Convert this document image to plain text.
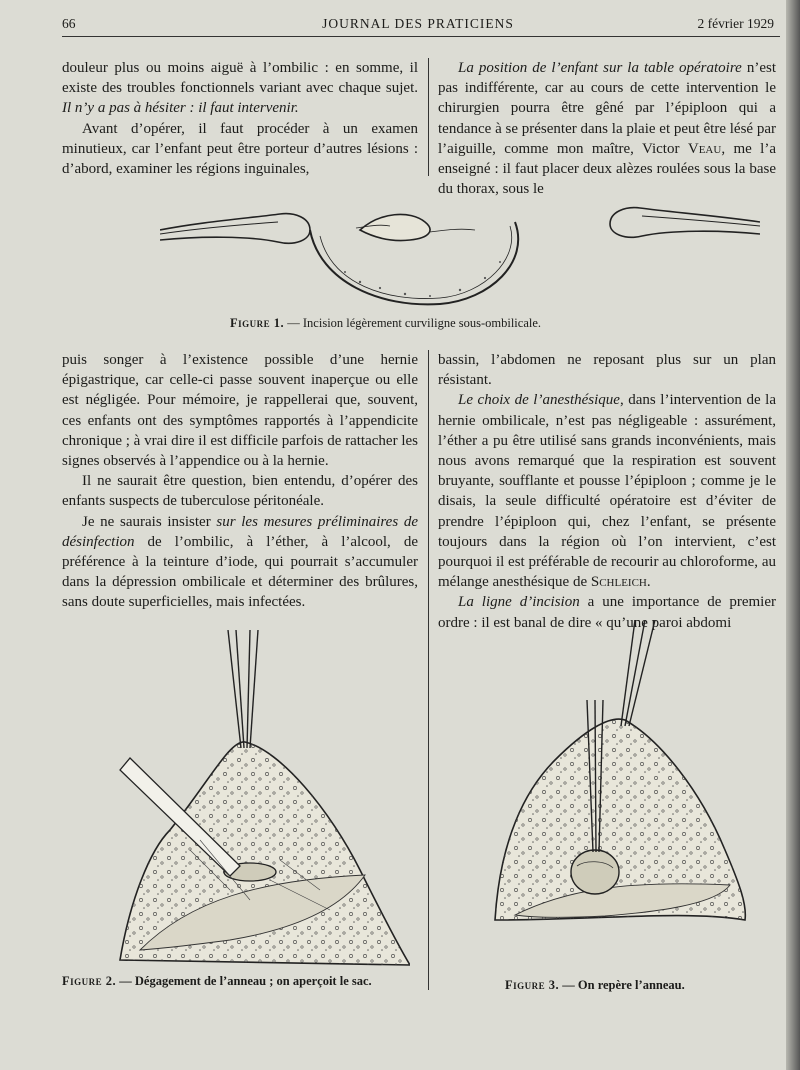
66	JOURNAL DES PRATICIENS	2 février 1929

douleur plus ou moins aiguë à l’ombilic : en somme, il existe des troubles fonctionnels variant avec chaque sujet. Il n’y a pas à hésiter : il faut intervenir.

Avant d’opérer, il faut procéder à un examen minutieux, car l’enfant peut être porteur d’autres lésions : d’abord, examiner les régions inguinales,

La position de l’enfant sur la table opératoire n’est pas indifférente, car au cours de cette intervention le chirurgien pourra être gêné par l’épiploon qui a tendance à se présenter dans la plaie et peut être lésé par l’aiguille, comme mon maître, Victor Veau, me l’a enseigné : il faut placer deux alèzes roulées sous la base du thorax, sous le

Figure 1. — Incision légèrement curviligne sous-ombilicale.

puis songer à l’existence possible d’une hernie épigastrique, car celle-ci passe souvent inaperçue ou elle est négligée. Pour mémoire, je rappellerai que, souvent, ces enfants ont des symptômes rapportés à l’appendicite chronique ; à vrai dire il est difficile parfois de rattacher les signes observés à l’appendice ou à la hernie.

Il ne saurait être question, bien entendu, d’opérer des enfants suspects de tuberculose péritonéale.

Je ne saurais insister sur les mesures préliminaires de désinfection de l’ombilic, à l’éther, à l’alcool, de préférence à la teinture d’iode, qui pourrait s’accumuler dans la dépression ombilicale et déterminer des brûlures, sans doute superficielles, mais infectées.

bassin, l’abdomen ne reposant plus sur un plan résistant.

Le choix de l’anesthésique, dans l’intervention de la hernie ombilicale, n’est pas négligeable : assurément, l’éther a pu être utilisé sans grands inconvénients, mais nous avons remarqué que la respiration est souvent bruyante, soufflante et pousse l’épiploon ; comme je le disais, la seule difficulté opératoire est d’éviter de prendre l’épiploon qui, chez l’enfant, se présente toujours dans la région où l’on intervient, c’est pourquoi il est préférable de recourir au chloroforme, au mélange anesthésique de Schleich.

La ligne d’incision a une importance de premier ordre : il est banal de dire « qu’une paroi abdomi

Figure 2. — Dégagement de l’anneau ; on aperçoit le sac.	Figure 3. — On repère l’anneau.
